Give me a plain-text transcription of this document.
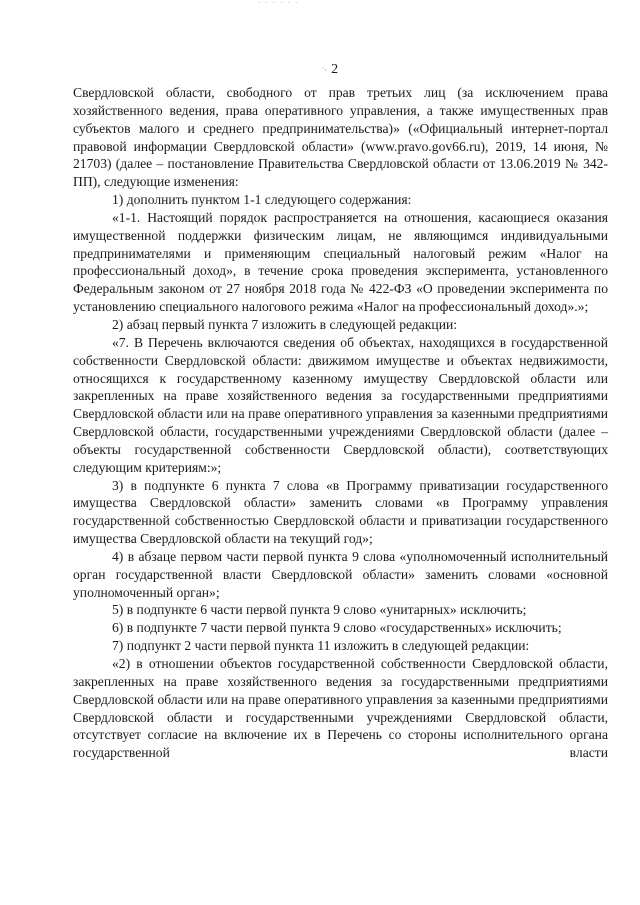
- - - - - -
˙· 2

Свердловской области, свободного от прав третьих лиц (за исключением права хозяйственного ведения, права оперативного управления, а также имущественных прав субъектов малого и среднего предпринимательства)» («Официальный интернет-портал правовой информации Свердловской области» (www.pravo.gov66.ru), 2019, 14 июня, № 21703) (далее – постановление Правительства Свердловской области от 13.06.2019 № 342-ПП), следующие изменения:

1) дополнить пунктом 1-1 следующего содержания:

«1-1. Настоящий порядок распространяется на отношения, касающиеся оказания имущественной поддержки физическим лицам, не являющимся индивидуальными предпринимателями и применяющим специальный налоговый режим «Налог на профессиональный доход», в течение срока проведения эксперимента, установленного Федеральным законом от 27 ноября 2018 года № 422-ФЗ «О проведении эксперимента по установлению специального налогового режима «Налог на профессиональный доход».»;

2) абзац первый пункта 7 изложить в следующей редакции:

«7. В Перечень включаются сведения об объектах, находящихся в государственной собственности Свердловской области: движимом имуществе и объектах недвижимости, относящихся к государственному казенному имуществу Свердловской области или закрепленных на праве хозяйственного ведения за государственными предприятиями Свердловской области или на праве оперативного управления за казенными предприятиями Свердловской области, государственными учреждениями Свердловской области (далее – объекты государственной собственности Свердловской области), соответствующих следующим критериям:»;

3) в подпункте 6 пункта 7 слова «в Программу приватизации государственного имущества Свердловской области» заменить словами «в Программу управления государственной собственностью Свердловской области и приватизации государственного имущества Свердловской области на текущий год»;

4) в абзаце первом части первой пункта 9 слова «уполномоченный исполнительный орган государственной власти Свердловской области» заменить словами «основной уполномоченный орган»;

5) в подпункте 6 части первой пункта 9 слово «унитарных» исключить;

6) в подпункте 7 части первой пункта 9 слово «государственных» исключить;

7) подпункт 2 части первой пункта 11 изложить в следующей редакции:

«2) в отношении объектов государственной собственности Свердловской области, закрепленных на праве хозяйственного ведения за государственными предприятиями Свердловской области или на праве оперативного управления за казенными предприятиями Свердловской области и государственными учреждениями Свердловской области, отсутствует согласие на включение их в Перечень со стороны исполнительного органа государственной власти
